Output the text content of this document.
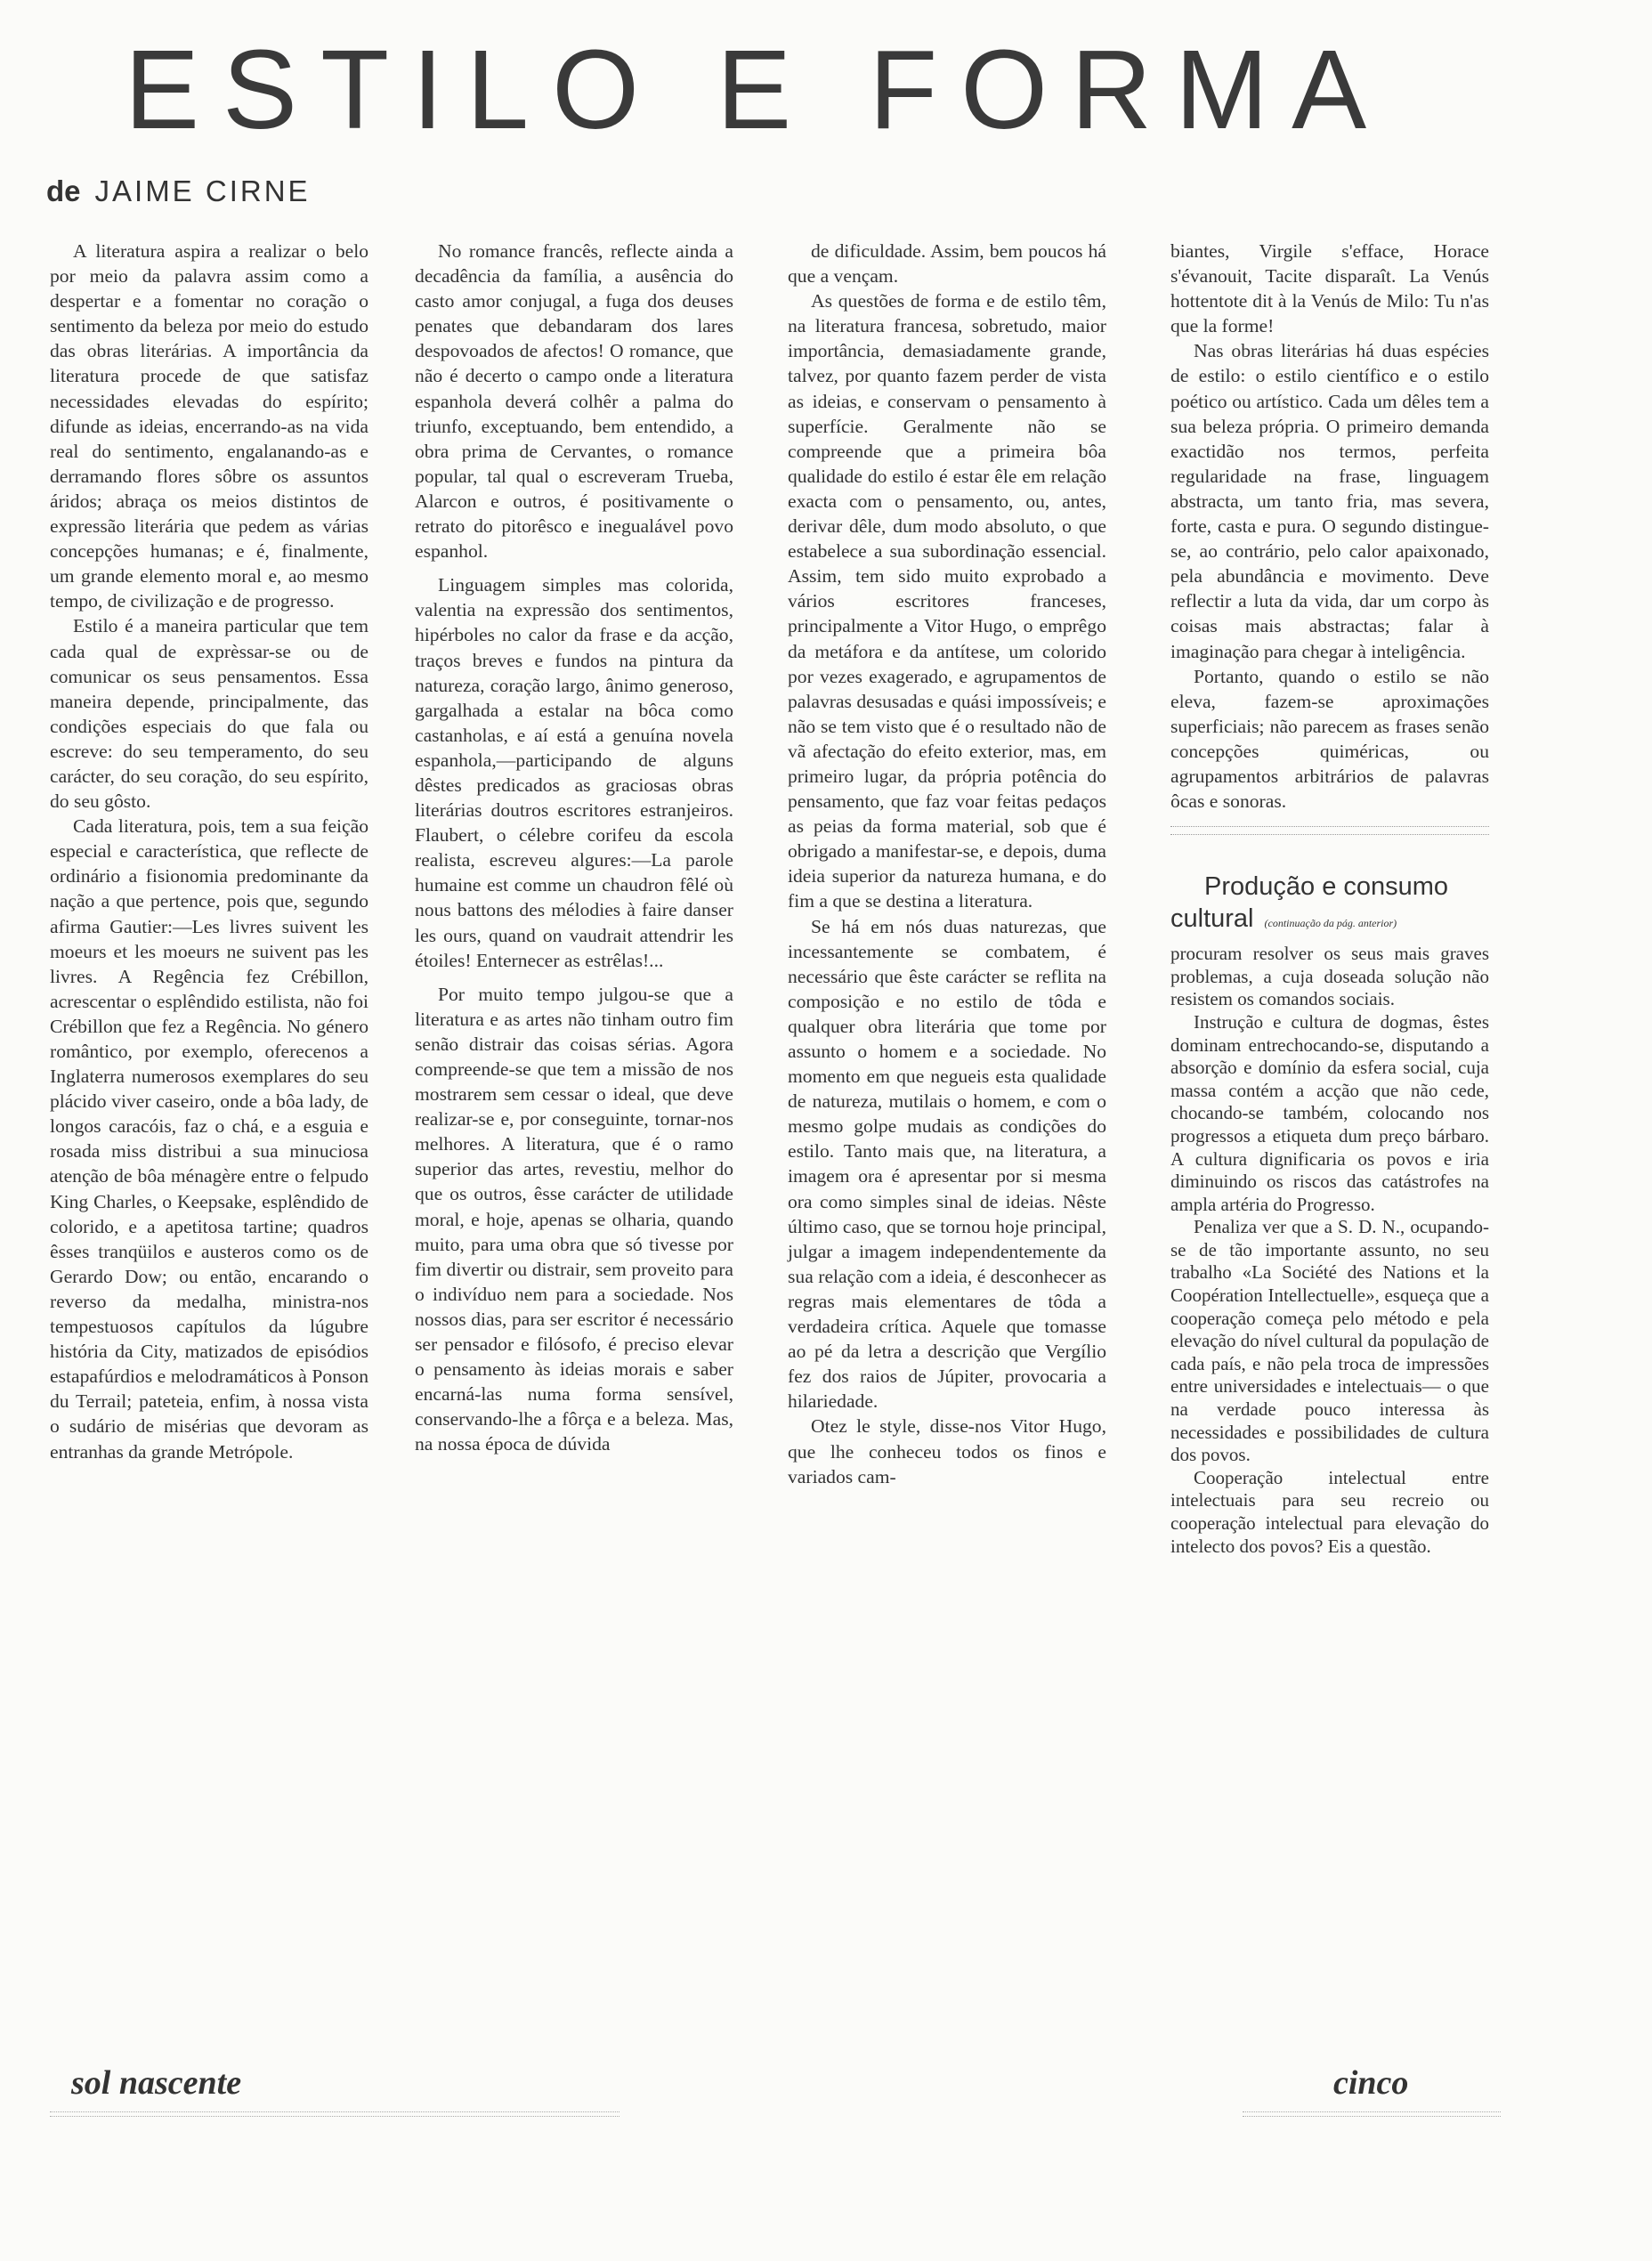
ESTILO E FORMA
de JAIME CIRNE

A literatura aspira a realizar o belo por meio da palavra assim como a despertar e a fomentar no coração o sentimento da beleza por meio do estudo das obras literárias. A importância da literatura procede de que satisfaz necessidades elevadas do espírito; difunde as ideias, encerrando-as na vida real do sentimento, engalanando-as e derramando flores sôbre os assuntos áridos; abraça os meios distintos de expressão literária que pedem as várias concepções humanas; e é, finalmente, um grande elemento moral e, ao mesmo tempo, de civilização e de progresso.

Estilo é a maneira particular que tem cada qual de exprèssar-se ou de comunicar os seus pensamentos. Essa maneira depende, principalmente, das condições especiais do que fala ou escreve: do seu temperamento, do seu carácter, do seu coração, do seu espírito, do seu gôsto.

Cada literatura, pois, tem a sua feição especial e característica, que reflecte de ordinário a fisionomia predominante da nação a que pertence, pois que, segundo afirma Gautier:—Les livres suivent les moeurs et les moeurs ne suivent pas les livres. A Regência fez Crébillon, acrescentar o esplêndido estilista, não foi Crébillon que fez a Regência. No género romântico, por exemplo, oferecenos a Inglaterra numerosos exemplares do seu plácido viver caseiro, onde a bôa lady, de longos caracóis, faz o chá, e a esguia e rosada miss distribui a sua minuciosa atenção de bôa ménagère entre o felpudo King Charles, o Keepsake, esplêndido de colorido, e a apetitosa tartine; quadros êsses tranqüilos e austeros como os de Gerardo Dow; ou então, encarando o reverso da medalha, ministra-nos tempestuosos capítulos da lúgubre história da City, matizados de episódios estapafúrdios e melodramáticos à Ponson du Terrail; pateteia, enfim, à nossa vista o sudário de misérias que devoram as entranhas da grande Metrópole.

No romance francês, reflecte ainda a decadência da família, a ausência do casto amor conjugal, a fuga dos deuses penates que debandaram dos lares despovoados de afectos! O romance, que não é decerto o campo onde a literatura espanhola deverá colhêr a palma do triunfo, exceptuando, bem entendido, a obra prima de Cervantes, o romance popular, tal qual o escreveram Trueba, Alarcon e outros, é positivamente o retrato do pitorêsco e inegualável povo espanhol.

Linguagem simples mas colorida, valentia na expressão dos sentimentos, hipérboles no calor da frase e da acção, traços breves e fundos na pintura da natureza, coração largo, ânimo generoso, gargalhada a estalar na bôca como castanholas, e aí está a genuína novela espanhola,—participando de alguns dêstes predicados as graciosas obras literárias doutros escritores estranjeiros. Flaubert, o célebre corifeu da escola realista, escreveu algures:—La parole humaine est comme un chaudron fêlé où nous battons des mélodies à faire danser les ours, quand on vaudrait attendrir les étoiles! Enternecer as estrêlas!...

Por muito tempo julgou-se que a literatura e as artes não tinham outro fim senão distrair das coisas sérias. Agora compreende-se que tem a missão de nos mostrarem sem cessar o ideal, que deve realizar-se e, por conseguinte, tornar-nos melhores. A literatura, que é o ramo superior das artes, revestiu, melhor do que os outros, êsse carácter de utilidade moral, e hoje, apenas se olharia, quando muito, para uma obra que só tivesse por fim divertir ou distrair, sem proveito para o indivíduo nem para a sociedade. Nos nossos dias, para ser escritor é necessário ser pensador e filósofo, é preciso elevar o pensamento às ideias morais e saber encarná-las numa forma sensível, conservando-lhe a fôrça e a beleza. Mas, na nossa época de dúvida

de dificuldade. Assim, bem poucos há que a vençam.

As questões de forma e de estilo têm, na literatura francesa, sobretudo, maior importância, demasiadamente grande, talvez, por quanto fazem perder de vista as ideias, e conservam o pensamento à superfície. Geralmente não se compreende que a primeira bôa qualidade do estilo é estar êle em relação exacta com o pensamento, ou, antes, derivar dêle, dum modo absoluto, o que estabelece a sua subordinação essencial. Assim, tem sido muito exprobado a vários escritores franceses, principalmente a Vitor Hugo, o emprêgo da metáfora e da antítese, um colorido por vezes exagerado, e agrupamentos de palavras desusadas e quási impossíveis; e não se tem visto que é o resultado não de vã afectação do efeito exterior, mas, em primeiro lugar, da própria potência do pensamento, que faz voar feitas pedaços as peias da forma material, sob que é obrigado a manifestar-se, e depois, duma ideia superior da natureza humana, e do fim a que se destina a literatura.

Se há em nós duas naturezas, que incessantemente se combatem, é necessário que êste carácter se reflita na composição e no estilo de tôda e qualquer obra literária que tome por assunto o homem e a sociedade. No momento em que negueis esta qualidade de natureza, mutilais o homem, e com o mesmo golpe mudais as condições do estilo. Tanto mais que, na literatura, a imagem ora é apresentar por si mesma ora como simples sinal de ideias. Nêste último caso, que se tornou hoje principal, julgar a imagem independentemente da sua relação com a ideia, é desconhecer as regras mais elementares de tôda a verdadeira crítica. Aquele que tomasse ao pé da letra a descrição que Vergílio fez dos raios de Júpiter, provocaria a hilariedade.

Otez le style, disse-nos Vitor Hugo, que lhe conheceu todos os finos e variados cam-

biantes, Virgile s'efface, Horace s'évanouit, Tacite disparaît. La Venús hottentote dit à la Venús de Milo: Tu n'as que la forme!

Nas obras literárias há duas espécies de estilo: o estilo científico e o estilo poético ou artístico. Cada um dêles tem a sua beleza própria. O primeiro demanda exactidão nos termos, perfeita regularidade na frase, linguagem abstracta, um tanto fria, mas severa, forte, casta e pura. O segundo distingue-se, ao contrário, pelo calor apaixonado, pela abundância e movimento. Deve reflectir a luta da vida, dar um corpo às coisas mais abstractas; falar à imaginação para chegar à inteligência.

Portanto, quando o estilo se não eleva, fazem-se aproximações superficiais; não parecem as frases senão concepções quiméricas, ou agrupamentos arbitrários de palavras ôcas e sonoras.

Produção e consumo
cultural (continuação da pág. anterior)

procuram resolver os seus mais graves problemas, a cuja doseada solução não resistem os comandos sociais.

Instrução e cultura de dogmas, êstes dominam entrechocando-se, disputando a absorção e domínio da esfera social, cuja massa contém a acção que não cede, chocando-se também, colocando nos progressos a etiqueta dum preço bárbaro. A cultura dignificaria os povos e iria diminuindo os riscos das catástrofes na ampla artéria do Progresso.

Penaliza ver que a S. D. N., ocupando-se de tão importante assunto, no seu trabalho «La Société des Nations et la Coopération Intellectuelle», esqueça que a cooperação começa pelo método e pela elevação do nível cultural da população de cada país, e não pela troca de impressões entre universidades e intelectuais— o que na verdade pouco interessa às necessidades e possibilidades de cultura dos povos.

Cooperação intelectual entre intelectuais para seu recreio ou cooperação intelectual para elevação do intelecto dos povos? Eis a questão.

sol nascente	cinco
